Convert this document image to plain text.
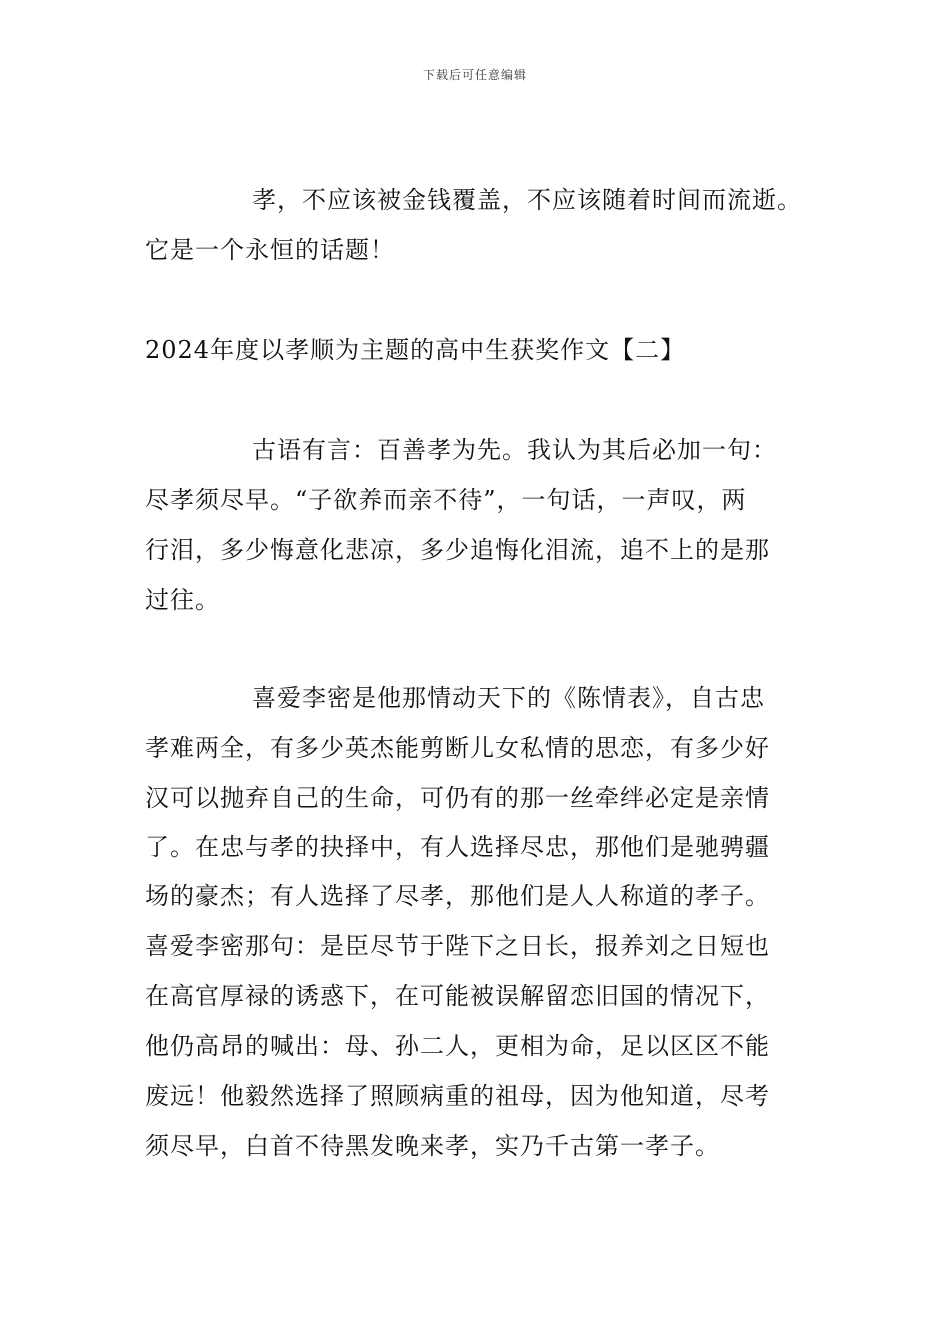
下载后可任意编辑
孝，不应该被金钱覆盖，不应该随着时间而流逝。
它是一个永恒的话题！
2024年度以孝顺为主题的高中生获奖作文【二】
古语有言：百善孝为先。我认为其后必加一句：
尽孝须尽早。“子欲养而亲不待”，一句话，一声叹，两
行泪，多少悔意化悲凉，多少追悔化泪流，追不上的是那
过往。
喜爱李密是他那情动天下的《陈情表》，自古忠
孝难两全，有多少英杰能剪断儿女私情的思恋，有多少好
汉可以抛弃自己的生命，可仍有的那一丝牵绊必定是亲情
了。在忠与孝的抉择中，有人选择尽忠，那他们是驰骋疆
场的豪杰；有人选择了尽孝，那他们是人人称道的孝子。
喜爱李密那句：是臣尽节于陛下之日长，报养刘之日短也
在高官厚禄的诱惑下，在可能被误解留恋旧国的情况下，
他仍高昂的喊出：母、孙二人，更相为命，足以区区不能
废远！他毅然选择了照顾病重的祖母，因为他知道，尽考
须尽早，白首不待黑发晚来孝，实乃千古第一孝子。
